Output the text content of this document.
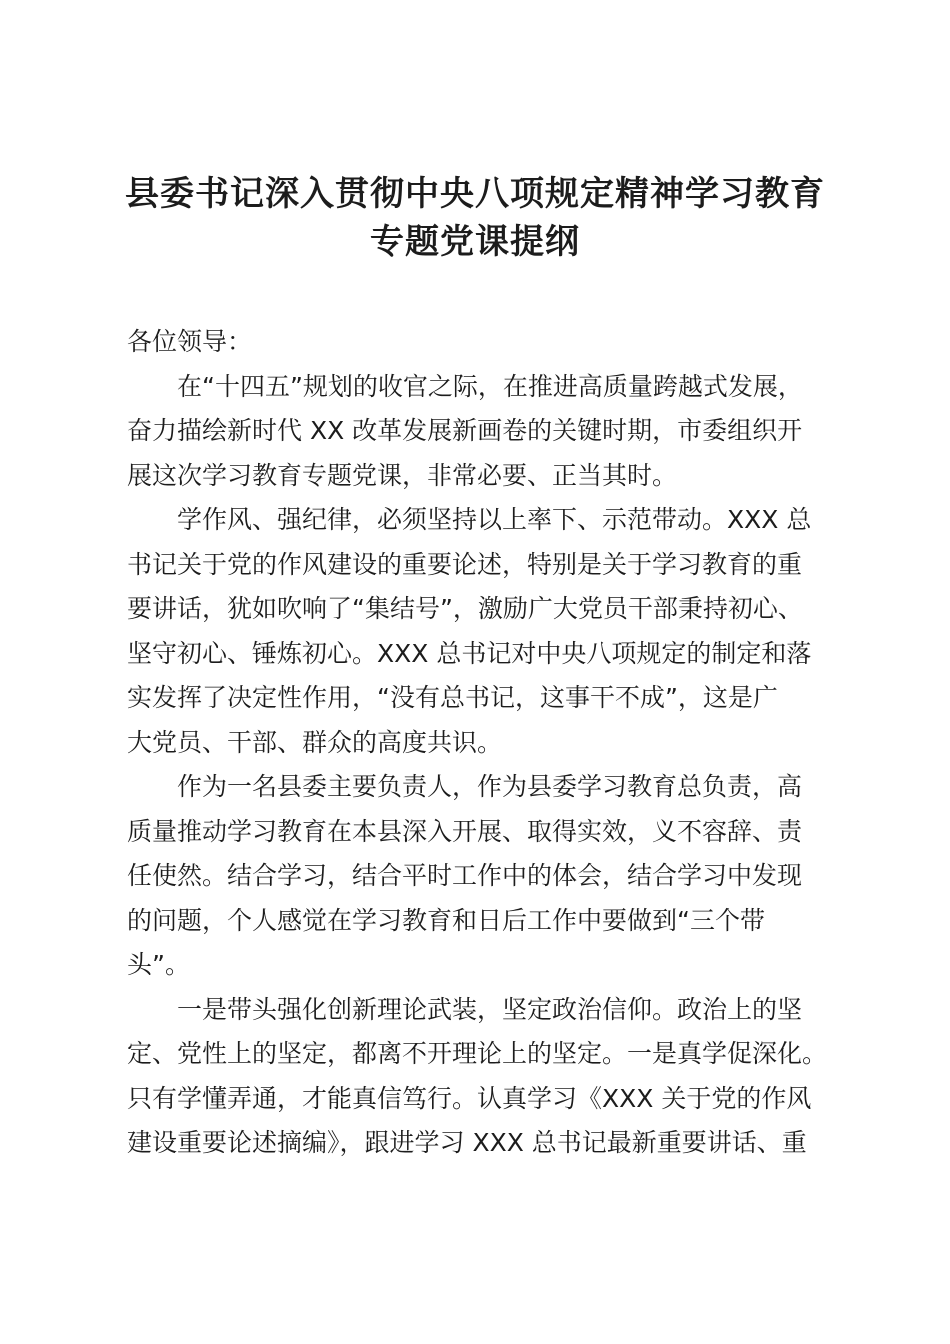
县委书记深入贯彻中央八项规定精神学习教育
专题党课提纲

各位领导：

在“十四五”规划的收官之际，在推进高质量跨越式发展，
奋力描绘新时代 XX 改革发展新画卷的关键时期，市委组织开
展这次学习教育专题党课，非常必要、正当其时。

学作风、强纪律，必须坚持以上率下、示范带动。XXX 总
书记关于党的作风建设的重要论述，特别是关于学习教育的重
要讲话，犹如吹响了“集结号”，激励广大党员干部秉持初心、
坚守初心、锤炼初心。XXX 总书记对中央八项规定的制定和落
实发挥了决定性作用，“没有总书记，这事干不成”，这是广
大党员、干部、群众的高度共识。

作为一名县委主要负责人，作为县委学习教育总负责，高
质量推动学习教育在本县深入开展、取得实效，义不容辞、责
任使然。结合学习，结合平时工作中的体会，结合学习中发现
的问题，个人感觉在学习教育和日后工作中要做到“三个带
头”。

一是带头强化创新理论武装，坚定政治信仰。政治上的坚
定、党性上的坚定，都离不开理论上的坚定。一是真学促深化。
只有学懂弄通，才能真信笃行。认真学习《XXX 关于党的作风
建设重要论述摘编》，跟进学习 XXX 总书记最新重要讲话、重
